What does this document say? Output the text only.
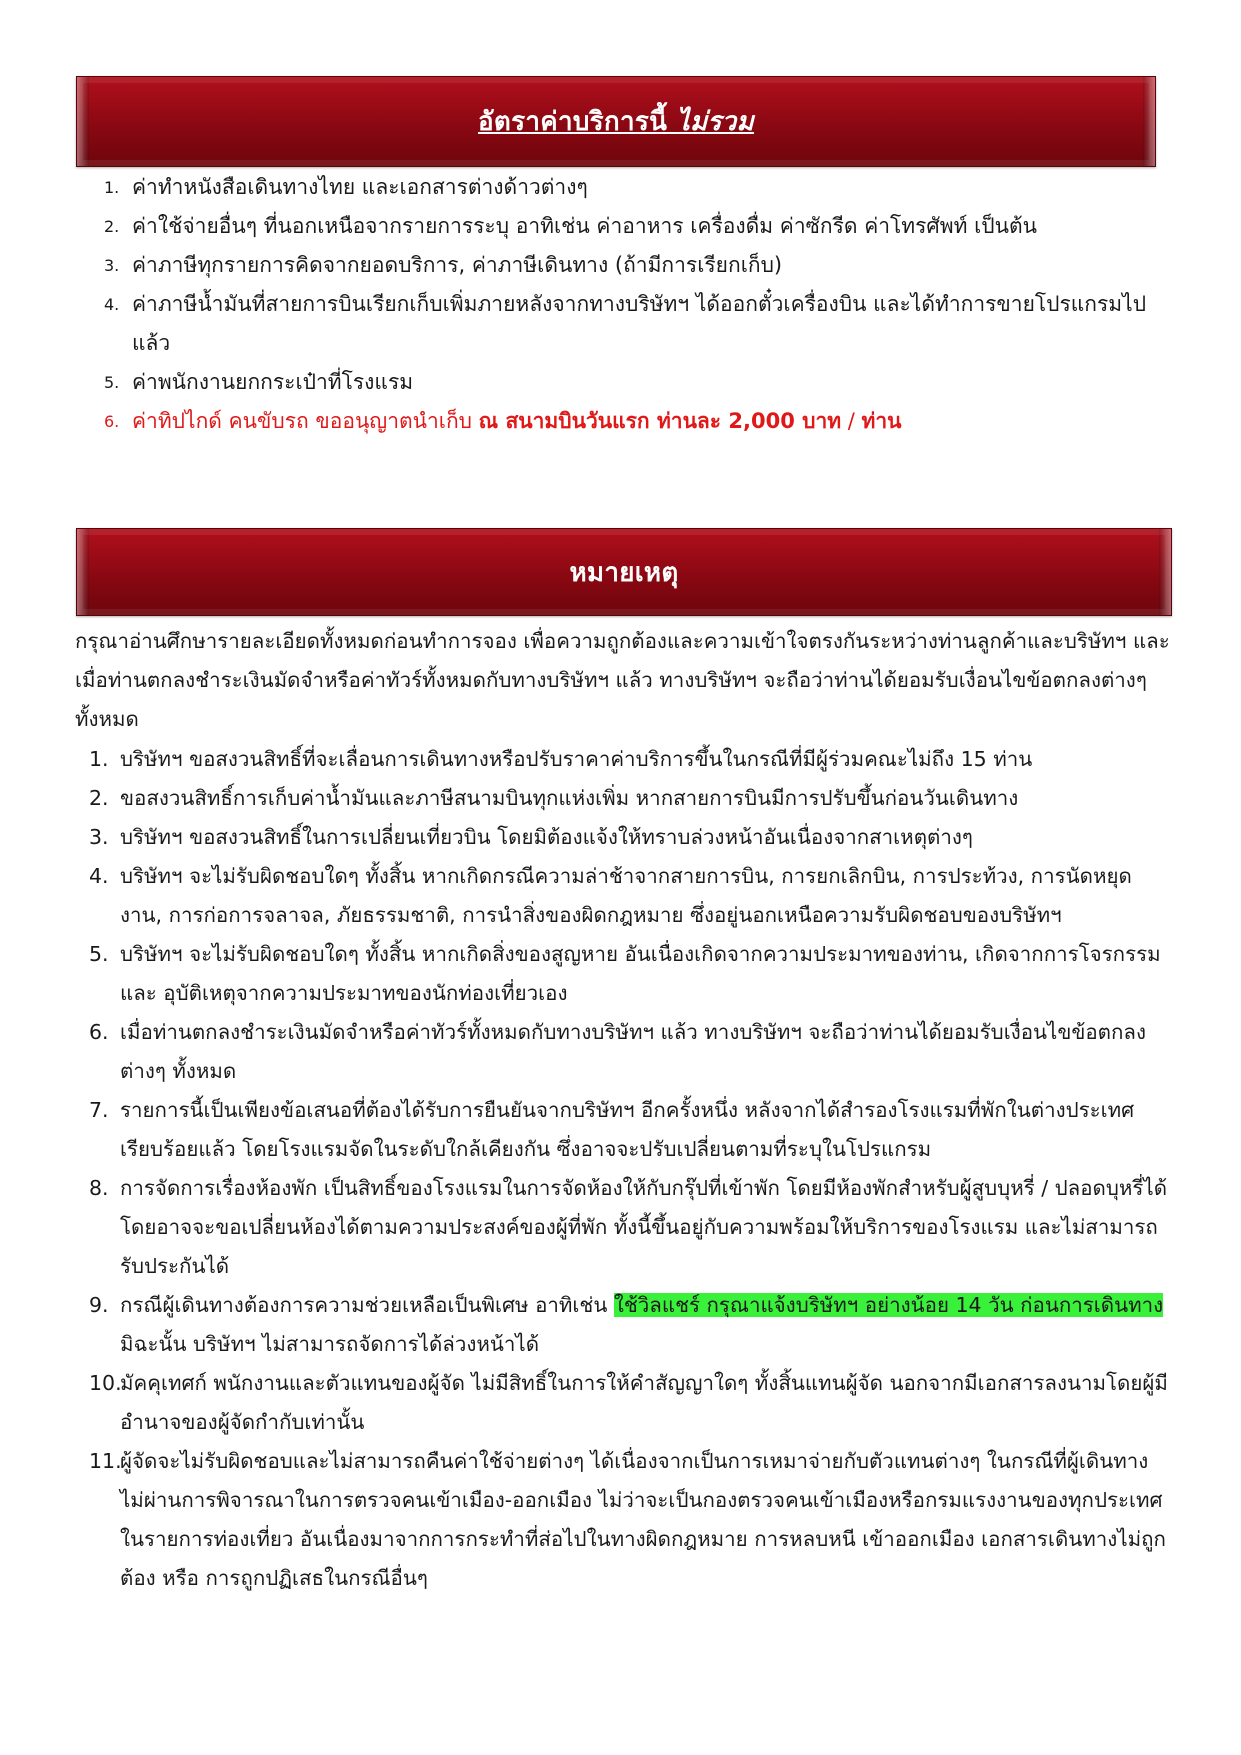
อัตราค่าบริการนี้ ไม่รวม
1. ค่าทำหนังสือเดินทางไทย และเอกสารต่างด้าวต่างๆ
2. ค่าใช้จ่ายอื่นๆ ที่นอกเหนือจากรายการระบุ อาทิเช่น ค่าอาหาร เครื่องดื่ม ค่าซักรีด ค่าโทรศัพท์ เป็นต้น
3. ค่าภาษีทุกรายการคิดจากยอดบริการ, ค่าภาษีเดินทาง (ถ้ามีการเรียกเก็บ)
4. ค่าภาษีน้ำมันที่สายการบินเรียกเก็บเพิ่มภายหลังจากทางบริษัทฯ ได้ออกตั๋วเครื่องบิน และได้ทำการขายโปรแกรมไปแล้ว
5. ค่าพนักงานยกกระเป๋าที่โรงแรม
6. ค่าทิปไกด์ คนขับรถ ขออนุญาตนำเก็บ ณ สนามบินวันแรก ท่านละ 2,000 บาท / ท่าน
หมายเหตุ
กรุณาอ่านศึกษารายละเอียดทั้งหมดก่อนทำการจอง เพื่อความถูกต้องและความเข้าใจตรงกันระหว่างท่านลูกค้าและบริษัทฯ และเมื่อท่านตกลงชำระเงินมัดจำหรือค่าทัวร์ทั้งหมดกับทางบริษัทฯ แล้ว ทางบริษัทฯ จะถือว่าท่านได้ยอมรับเงื่อนไขข้อตกลงต่างๆ ทั้งหมด
1. บริษัทฯ ขอสงวนสิทธิ์ที่จะเลื่อนการเดินทางหรือปรับราคาค่าบริการขึ้นในกรณีที่มีผู้ร่วมคณะไม่ถึง 15 ท่าน
2. ขอสงวนสิทธิ์การเก็บค่าน้ำมันและภาษีสนามบินทุกแห่งเพิ่ม หากสายการบินมีการปรับขึ้นก่อนวันเดินทาง
3. บริษัทฯ ขอสงวนสิทธิ์ในการเปลี่ยนเที่ยวบิน โดยมิต้องแจ้งให้ทราบล่วงหน้าอันเนื่องจากสาเหตุต่างๆ
4. บริษัทฯ จะไม่รับผิดชอบใดๆ ทั้งสิ้น หากเกิดกรณีความล่าช้าจากสายการบิน, การยกเลิกบิน, การประท้วง, การนัดหยุดงาน, การก่อการจลาจล, ภัยธรรมชาติ, การนำสิ่งของผิดกฎหมาย ซึ่งอยู่นอกเหนือความรับผิดชอบของบริษัทฯ
5. บริษัทฯ จะไม่รับผิดชอบใดๆ ทั้งสิ้น หากเกิดสิ่งของสูญหาย อันเนื่องเกิดจากความประมาทของท่าน, เกิดจากการโจรกรรม และ อุบัติเหตุจากความประมาทของนักท่องเที่ยวเอง
6. เมื่อท่านตกลงชำระเงินมัดจำหรือค่าทัวร์ทั้งหมดกับทางบริษัทฯ แล้ว ทางบริษัทฯ จะถือว่าท่านได้ยอมรับเงื่อนไขข้อตกลงต่างๆ ทั้งหมด
7. รายการนี้เป็นเพียงข้อเสนอที่ต้องได้รับการยืนยันจากบริษัทฯ อีกครั้งหนึ่ง หลังจากได้สำรองโรงแรมที่พักในต่างประเทศเรียบร้อยแล้ว โดยโรงแรมจัดในระดับใกล้เคียงกัน ซึ่งอาจจะปรับเปลี่ยนตามที่ระบุในโปรแกรม
8. การจัดการเรื่องห้องพัก เป็นสิทธิ์ของโรงแรมในการจัดห้องให้กับกรุ๊ปที่เข้าพัก โดยมีห้องพักสำหรับผู้สูบบุหรี่ / ปลอดบุหรี่ได้ โดยอาจจะขอเปลี่ยนห้องได้ตามความประสงค์ของผู้ที่พัก ทั้งนี้ขึ้นอยู่กับความพร้อมให้บริการของโรงแรม และไม่สามารถรับประกันได้
9. กรณีผู้เดินทางต้องการความช่วยเหลือเป็นพิเศษ อาทิเช่น ใช้วิลแชร์ กรุณาแจ้งบริษัทฯ อย่างน้อย 14 วัน ก่อนการเดินทาง มิฉะนั้น บริษัทฯ ไม่สามารถจัดการได้ล่วงหน้าได้
10.
มัคคุเทศก์ พนักงานและตัวแทนของผู้จัด ไม่มีสิทธิ์ในการให้คำสัญญาใดๆ ทั้งสิ้นแทนผู้จัด นอกจากมีเอกสารลงนามโดยผู้มีอำนาจของผู้จัดกำกับเท่านั้น
11.
ผู้จัดจะไม่รับผิดชอบและไม่สามารถคืนค่าใช้จ่ายต่างๆ ได้เนื่องจากเป็นการเหมาจ่ายกับตัวแทนต่างๆ ในกรณีที่ผู้เดินทางไม่ผ่านการพิจารณาในการตรวจคนเข้าเมือง-ออกเมือง ไม่ว่าจะเป็นกองตรวจคนเข้าเมืองหรือกรมแรงงานของทุกประเทศในรายการท่องเที่ยว อันเนื่องมาจากการกระทำที่ส่อไปในทางผิดกฎหมาย การหลบหนี เข้าออกเมือง เอกสารเดินทางไม่ถูกต้อง หรือ การถูกปฏิเสธในกรณีอื่นๆ
